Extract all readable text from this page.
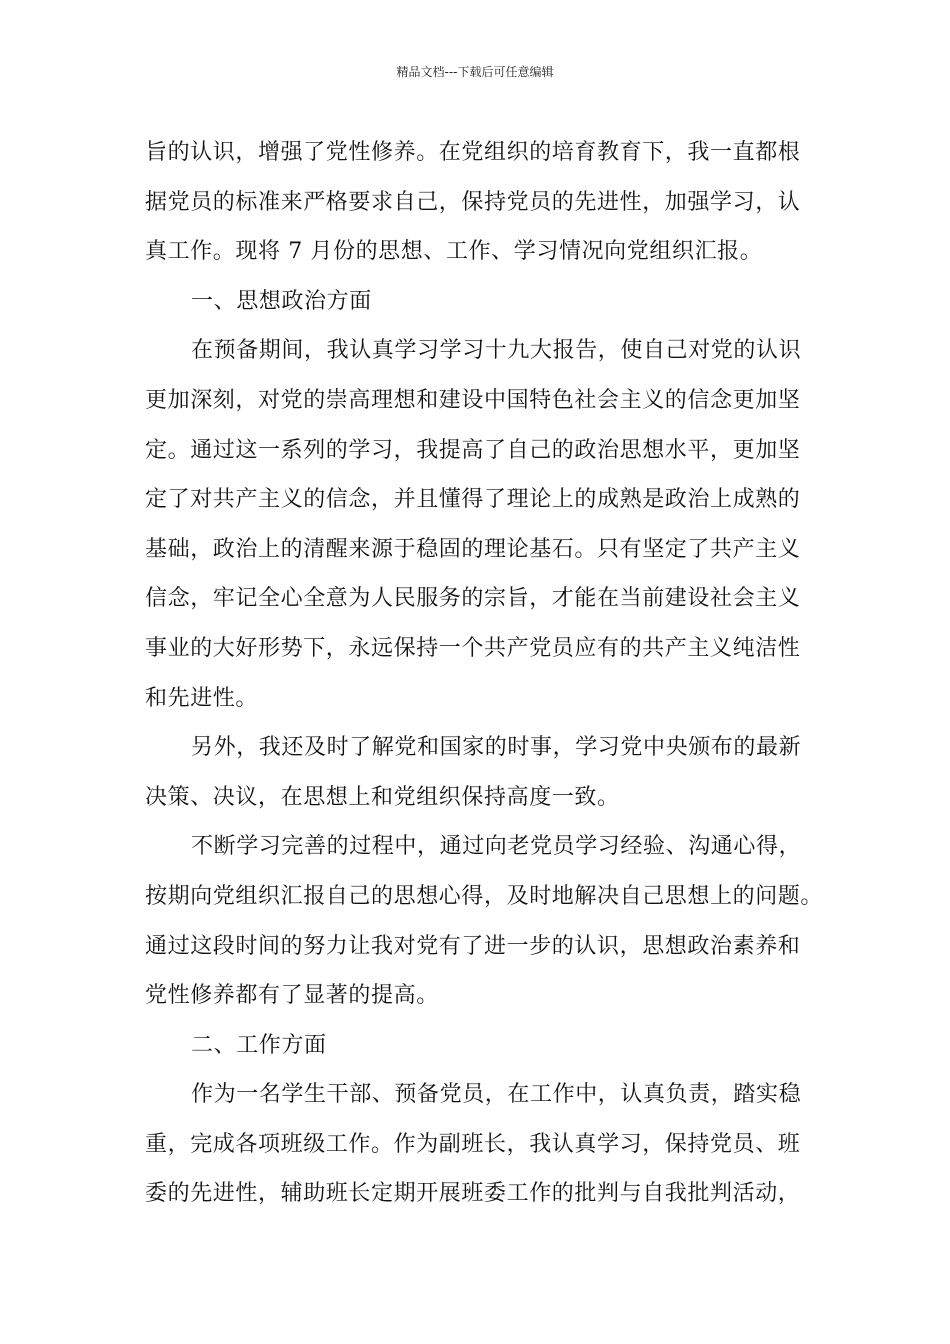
精品文档---下载后可任意编辑
旨的认识，增强了党性修养。在党组织的培育教育下，我一直都根
据党员的标准来严格要求自己，保持党员的先进性，加强学习，认
真工作。现将 7 月份的思想、工作、学习情况向党组织汇报。
一、思想政治方面
在预备期间，我认真学习学习十九大报告，使自己对党的认识
更加深刻，对党的崇高理想和建设中国特色社会主义的信念更加坚
定。通过这一系列的学习，我提高了自己的政治思想水平，更加坚
定了对共产主义的信念，并且懂得了理论上的成熟是政治上成熟的
基础，政治上的清醒来源于稳固的理论基石。只有坚定了共产主义
信念，牢记全心全意为人民服务的宗旨，才能在当前建设社会主义
事业的大好形势下，永远保持一个共产党员应有的共产主义纯洁性
和先进性。
另外，我还及时了解党和国家的时事，学习党中央颁布的最新
决策、决议，在思想上和党组织保持高度一致。
不断学习完善的过程中，通过向老党员学习经验、沟通心得，
按期向党组织汇报自己的思想心得，及时地解决自己思想上的问题。
通过这段时间的努力让我对党有了进一步的认识，思想政治素养和
党性修养都有了显著的提高。
二、工作方面
作为一名学生干部、预备党员，在工作中，认真负责，踏实稳
重，完成各项班级工作。作为副班长，我认真学习，保持党员、班
委的先进性，辅助班长定期开展班委工作的批判与自我批判活动，
